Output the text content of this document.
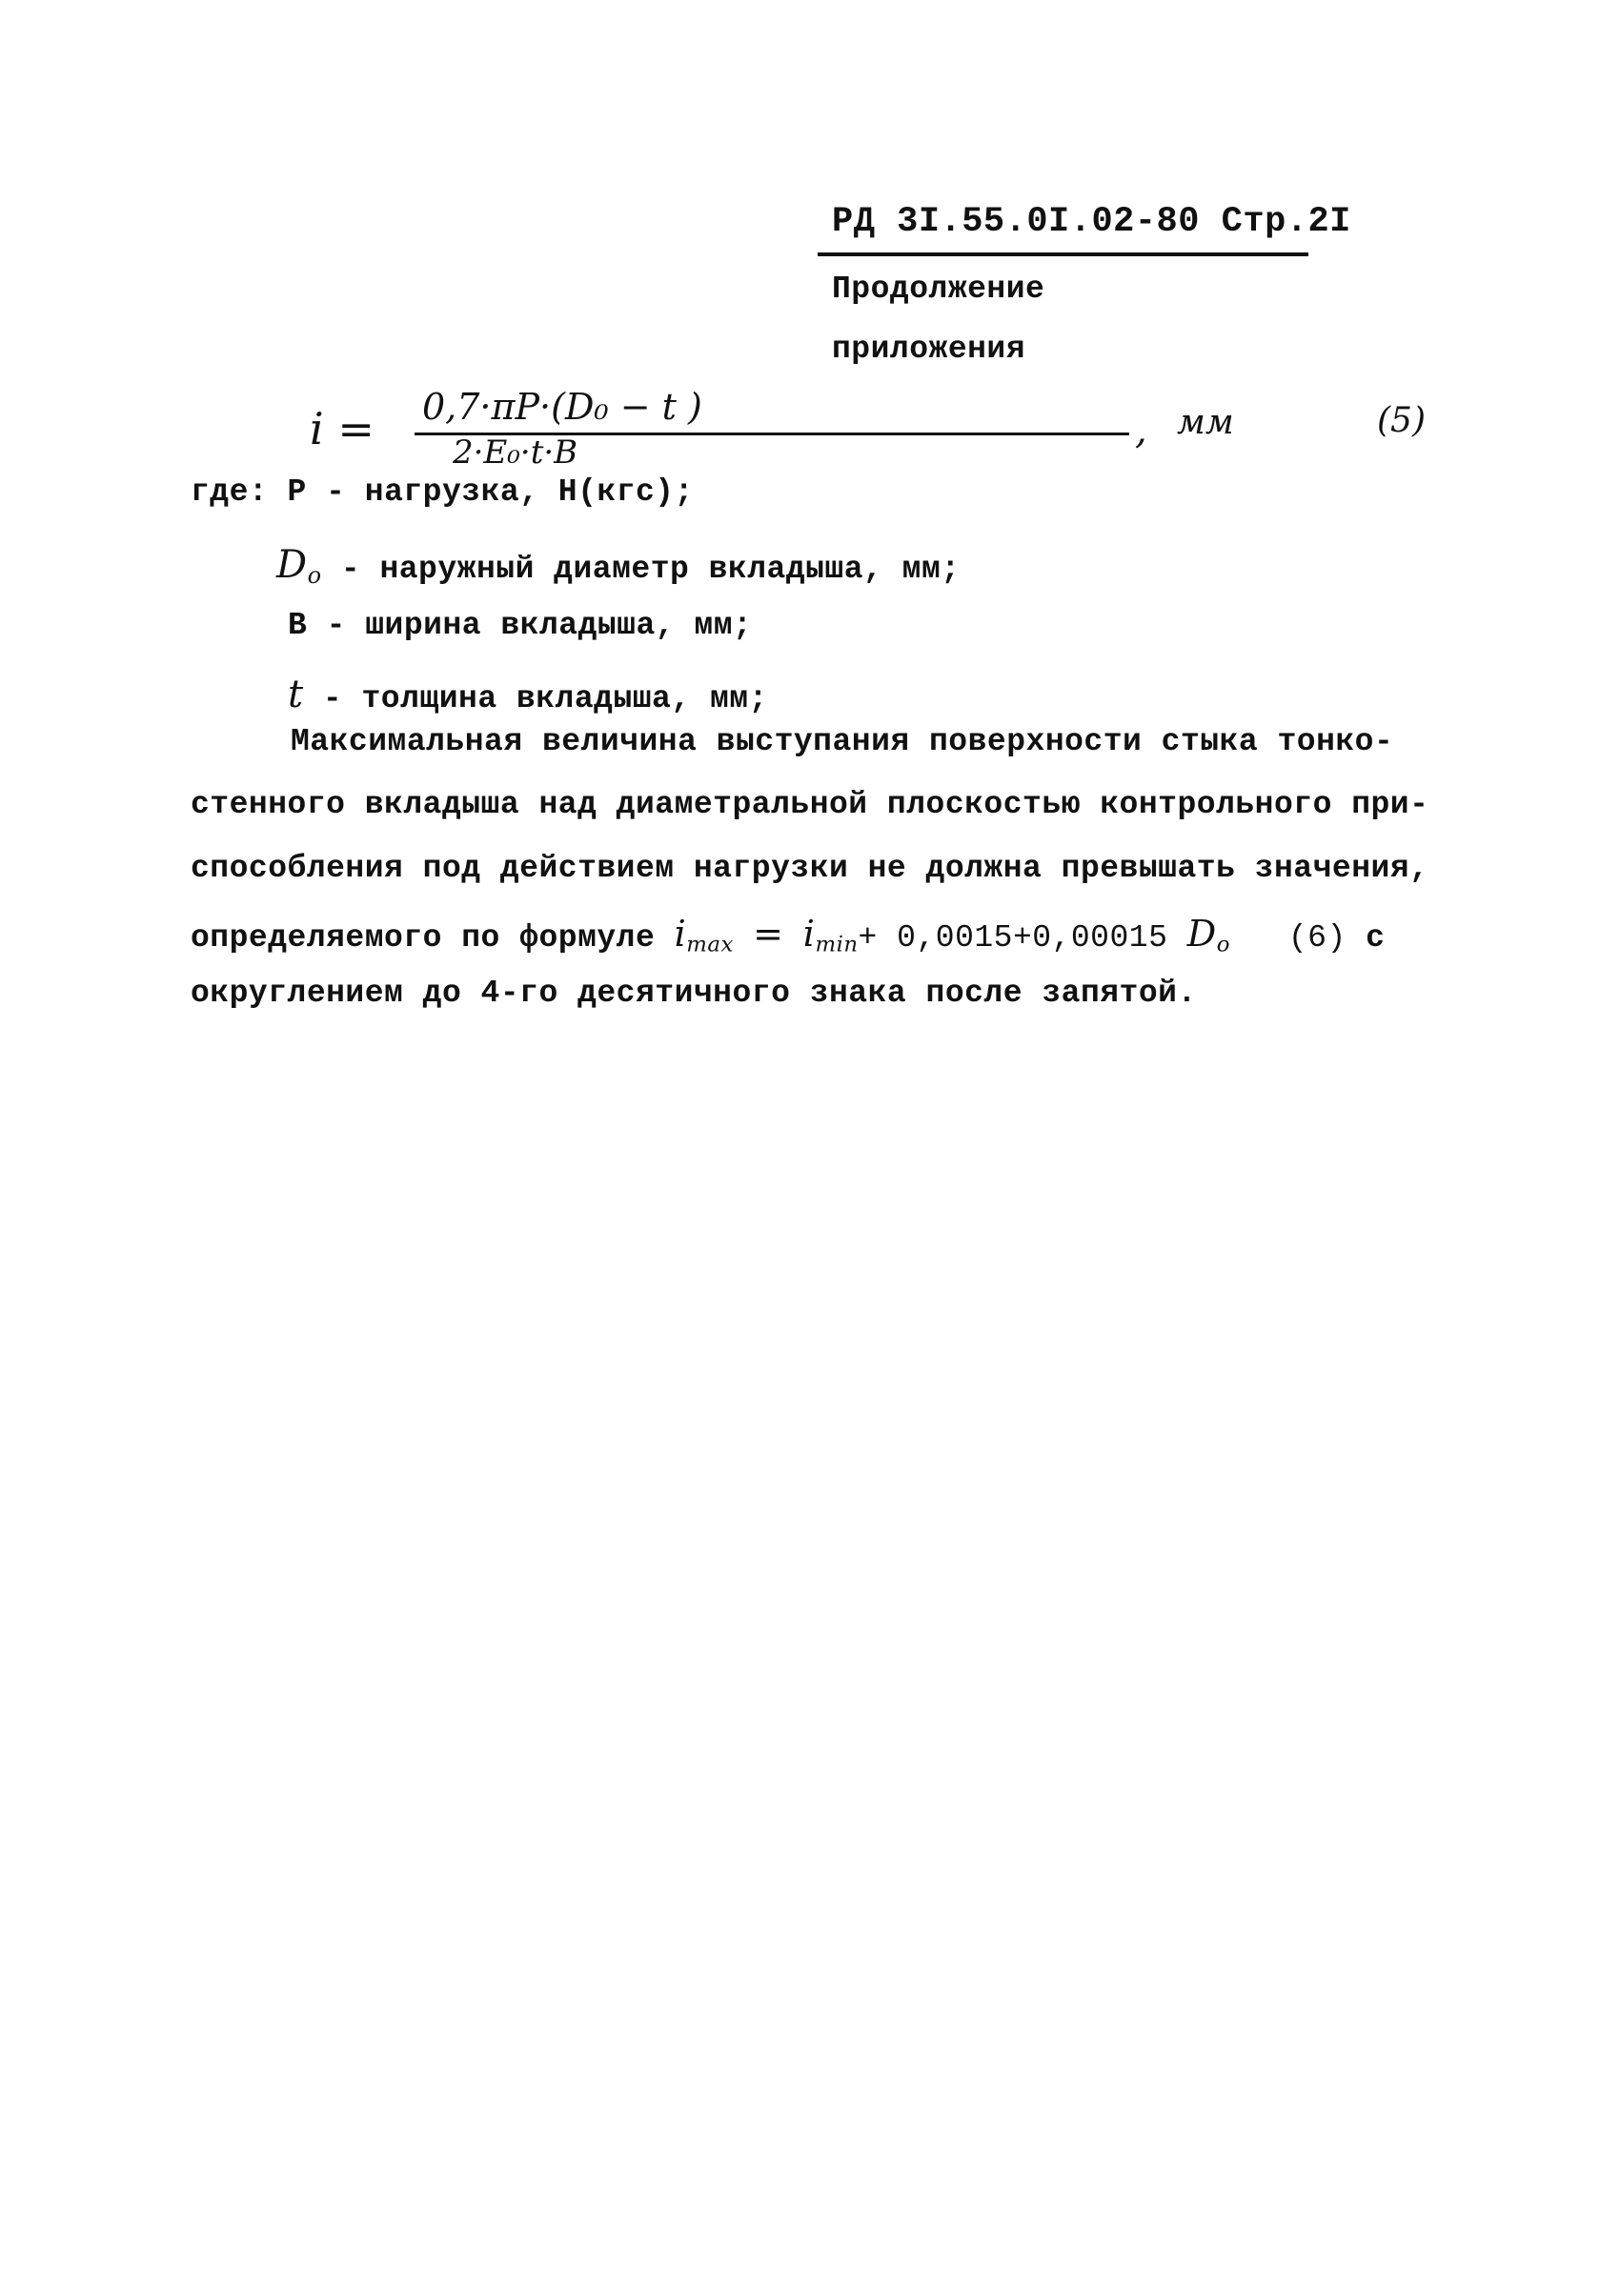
РД 3I.55.0I.02-80 Стр.2I
Продолжение
приложения
i = 0,7·πP·(D₀ − t )
2·E₀·t·B	, мм	(5)
где: P - нагрузка, Н(кгс);
$D_o$ - наружный диаметр вкладыша, мм;
B - ширина вкладыша, мм;
t - толщина вкладыша, мм;
Максимальная величина выступания поверхности стыка тонко-
стенного вкладыша над диаметральной плоскостью контрольного при-
способления под действием нагрузки не должна превышать значения,
определяемого по формуле $i_{max} = i_{min}+ 0,0015+0,00015$ $D_o$ (6) с
округлением до 4-го десятичного знака после запятой.
